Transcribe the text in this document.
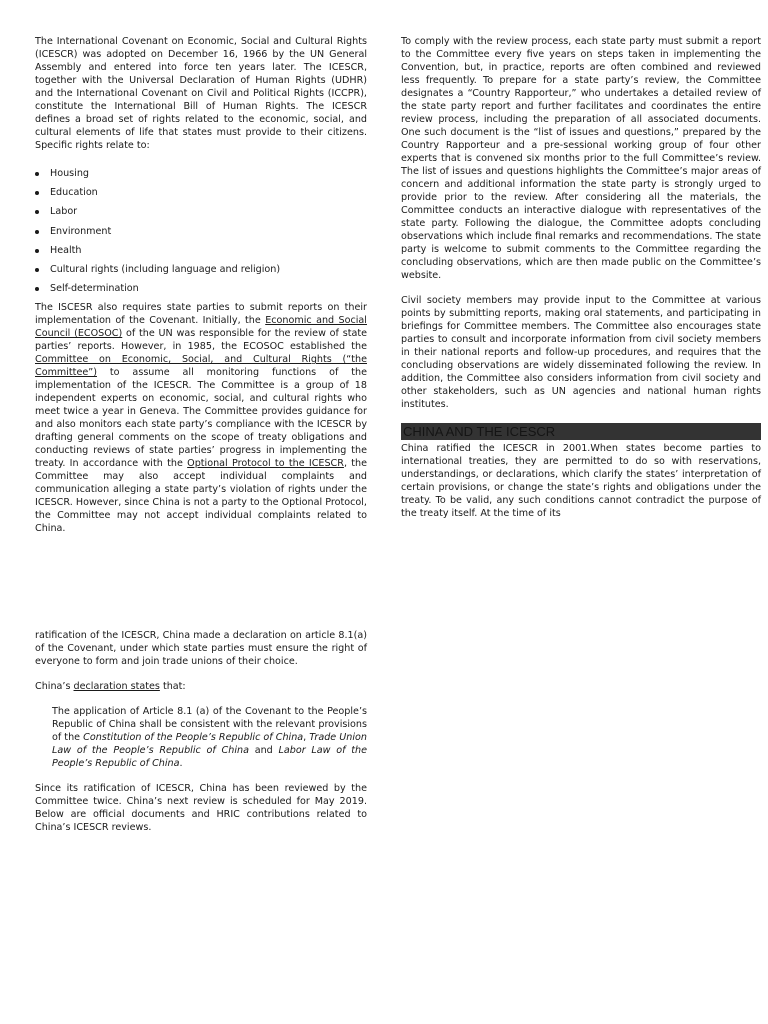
The International Covenant on Economic, Social and Cultural Rights (ICESCR) was adopted on December 16, 1966 by the UN General Assembly and entered into force ten years later. The ICESCR, together with the Universal Declaration of Human Rights (UDHR) and the International Covenant on Civil and Political Rights (ICCPR), constitute the International Bill of Human Rights. The ICESCR defines a broad set of rights related to the economic, social, and cultural elements of life that states must provide to their citizens. Specific rights relate to:

Housing
Education
Labor
Environment
Health
Cultural rights (including language and religion)
Self-determination

The ISCESR also requires state parties to submit reports on their implementation of the Covenant. Initially, the Economic and Social Council (ECOSOC) of the UN was responsible for the review of state parties’ reports. However, in 1985, the ECOSOC established the Committee on Economic, Social, and Cultural Rights (“the Committee”) to assume all monitoring functions of the implementation of the ICESCR. The Committee is a group of 18 independent experts on economic, social, and cultural rights who meet twice a year in Geneva. The Committee provides guidance for and also monitors each state party’s compliance with the ICESCR by drafting general comments on the scope of treaty obligations and conducting reviews of state parties’ progress in implementing the treaty. In accordance with the Optional Protocol to the ICESCR, the Committee may also accept individual complaints and communication alleging a state party’s violation of rights under the ICESCR. However, since China is not a party to the Optional Protocol, the Committee may not accept individual complaints related to China.

To comply with the review process, each state party must submit a report to the Committee every five years on steps taken in implementing the Convention, but, in practice, reports are often combined and reviewed less frequently. To prepare for a state party’s review, the Committee designates a “Country Rapporteur,” who undertakes a detailed review of the state party report and further facilitates and coordinates the entire review process, including the preparation of all associated documents. One such document is the “list of issues and questions,” prepared by the Country Rapporteur and a pre-sessional working group of four other experts that is convened six months prior to the full Committee’s review. The list of issues and questions highlights the Committee’s major areas of concern and additional information the state party is strongly urged to provide prior to the review. After considering all the materials, the Committee conducts an interactive dialogue with representatives of the state party. Following the dialogue, the Committee adopts concluding observations which include final remarks and recommendations. The state party is welcome to submit comments to the Committee regarding the concluding observations, which are then made public on the Committee’s website.

Civil society members may provide input to the Committee at various points by submitting reports, making oral statements, and participating in briefings for Committee members. The Committee also encourages state parties to consult and incorporate information from civil society members in their national reports and follow-up procedures, and requires that the concluding observations are widely disseminated following the review. In addition, the Committee also considers information from civil society and other stakeholders, such as UN agencies and national human rights institutes.

CHINA AND THE ICESCR

China ratified the ICESCR in 2001.When states become parties to international treaties, they are permitted to do so with reservations, understandings, or declarations, which clarify the states’ interpretation of certain provisions, or change the state’s rights and obligations under the treaty. To be valid, any such conditions cannot contradict the purpose of the treaty itself. At the time of its

ratification of the ICESCR, China made a declaration on article 8.1(a) of the Covenant, under which state parties must ensure the right of everyone to form and join trade unions of their choice.

China’s declaration states that:

The application of Article 8.1 (a) of the Covenant to the People’s Republic of China shall be consistent with the relevant provisions of the Constitution of the People’s Republic of China, Trade Union Law of the People’s Republic of China and Labor Law of the People’s Republic of China.

Since its ratification of ICESCR, China has been reviewed by the Committee twice. China’s next review is scheduled for May 2019. Below are official documents and HRIC contributions related to China’s ICESCR reviews.
